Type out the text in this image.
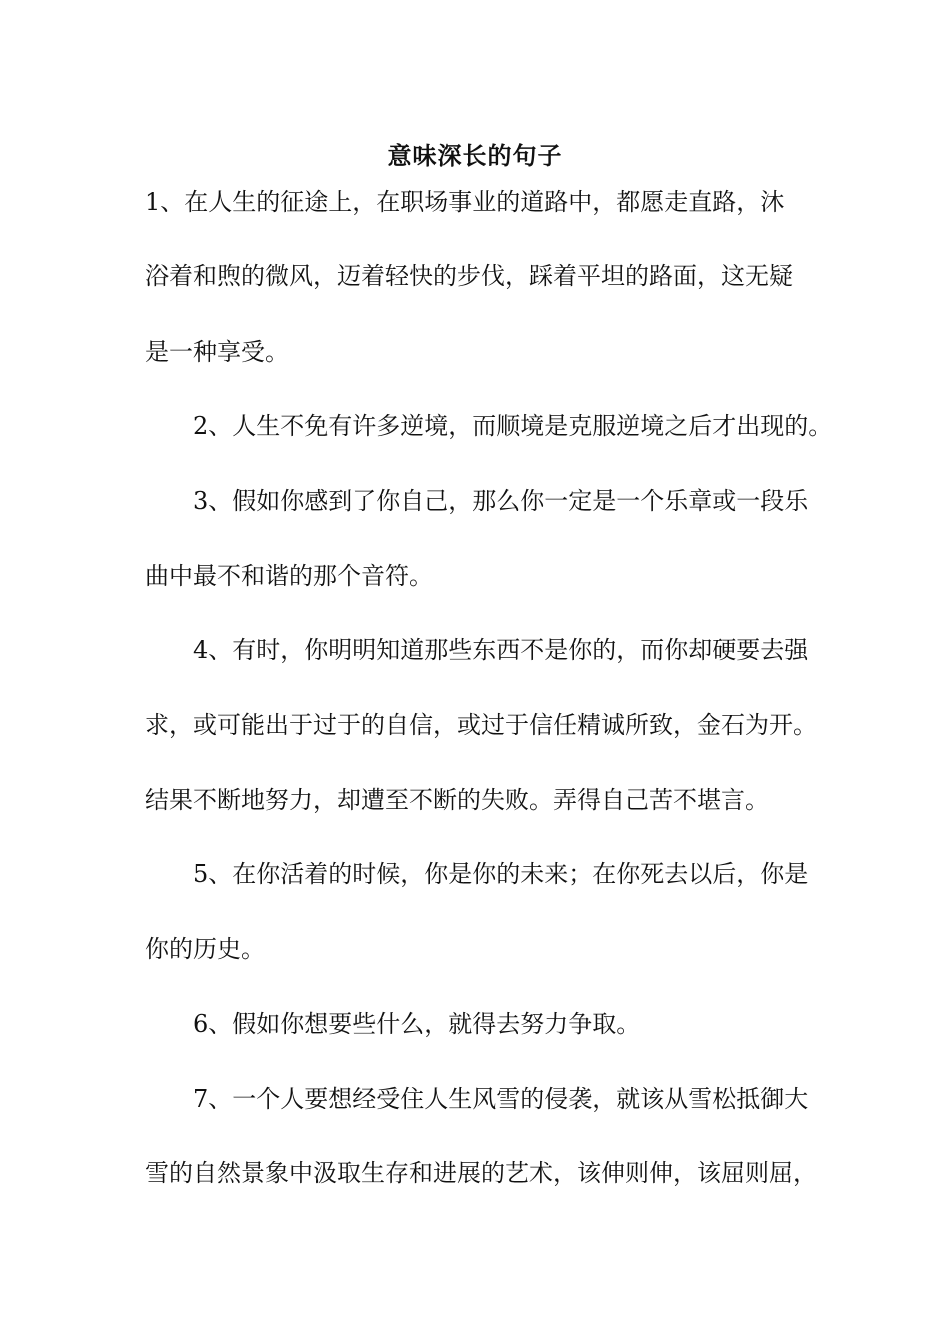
意味深长的句子
1、在人生的征途上，在职场事业的道路中，都愿走直路，沐
浴着和煦的微风，迈着轻快的步伐，踩着平坦的路面，这无疑
是一种享受。
2、人生不免有许多逆境，而顺境是克服逆境之后才出现的。
3、假如你感到了你自己，那么你一定是一个乐章或一段乐
曲中最不和谐的那个音符。
4、有时，你明明知道那些东西不是你的，而你却硬要去强
求，或可能出于过于的自信，或过于信任精诚所致，金石为开。
结果不断地努力，却遭至不断的失败。弄得自己苦不堪言。
5、在你活着的时候，你是你的未来；在你死去以后，你是
你的历史。
6、假如你想要些什么，就得去努力争取。
7、一个人要想经受住人生风雪的侵袭，就该从雪松抵御大
雪的自然景象中汲取生存和进展的艺术，该伸则伸，该屈则屈，
